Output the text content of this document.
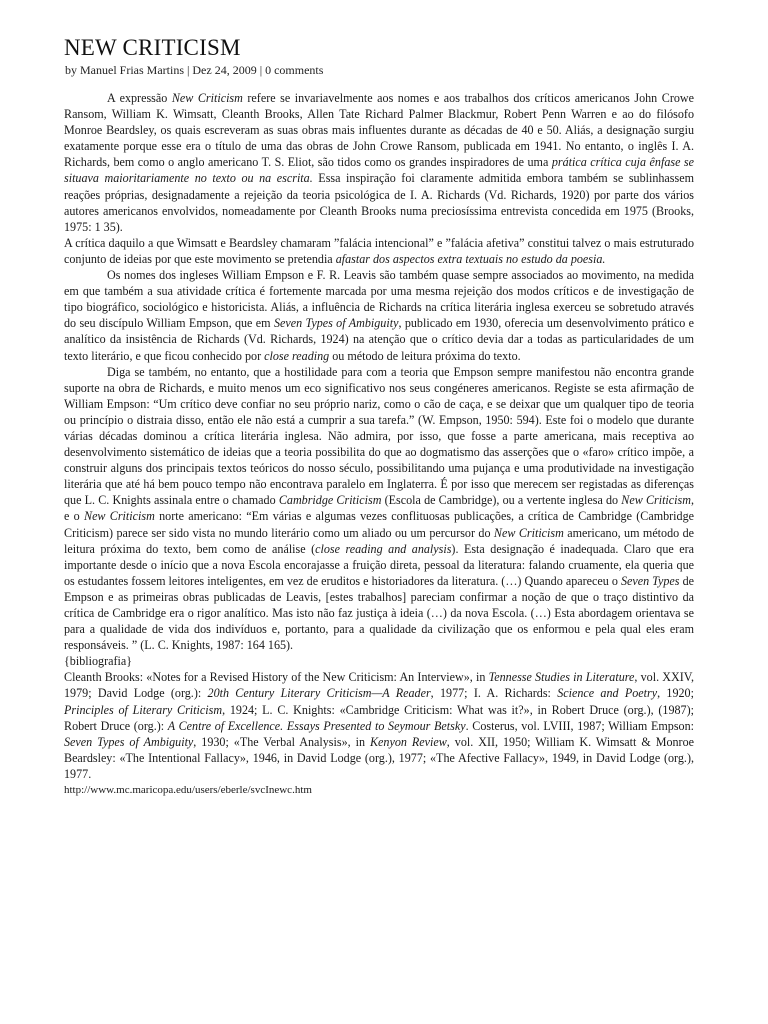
NEW CRITICISM
by Manuel Frias Martins | Dez 24, 2009 | 0 comments

A expressão New Criticism refere se invariavelmente aos nomes e aos trabalhos dos críticos americanos John Crowe Ransom, William K. Wimsatt, Cleanth Brooks, Allen Tate Richard Palmer Blackmur, Robert Penn Warren e ao do filósofo Monroe Beardsley, os quais escreveram as suas obras mais influentes durante as décadas de 40 e 50. Aliás, a designação surgiu exatamente porque esse era o título de uma das obras de John Crowe Ransom, publicada em 1941. No entanto, o inglês I. A. Richards, bem como o anglo americano T. S. Eliot, são tidos como os grandes inspiradores de uma prática crítica cuja ênfase se situava maioritariamente no texto ou na escrita. Essa inspiração foi claramente admitida embora também se sublinhassem reações próprias, designadamente a rejeição da teoria psicológica de I. A. Richards (Vd. Richards, 1920) por parte dos vários autores americanos envolvidos, nomeadamente por Cleanth Brooks numa preciosíssima entrevista concedida em 1975 (Brooks, 1975: 1 35).

A crítica daquilo a que Wimsatt e Beardsley chamaram ”falácia intencional” e ”falácia afetiva” constitui talvez o mais estruturado conjunto de ideias por que este movimento se pretendia afastar dos aspectos extra textuais no estudo da poesia.

Os nomes dos ingleses William Empson e F. R. Leavis são também quase sempre associados ao movimento, na medida em que também a sua atividade crítica é fortemente marcada por uma mesma rejeição dos modos críticos e de investigação de tipo biográfico, sociológico e historicista. Aliás, a influência de Richards na crítica literária inglesa exerceu se sobretudo através do seu discípulo William Empson, que em Seven Types of Ambiguity, publicado em 1930, oferecia um desenvolvimento prático e analítico da insistência de Richards (Vd. Richards, 1924) na atenção que o crítico devia dar a todas as particularidades de um texto literário, e que ficou conhecido por close reading ou método de leitura próxima do texto.

Diga se também, no entanto, que a hostilidade para com a teoria que Empson sempre manifestou não encontra grande suporte na obra de Richards, e muito menos um eco significativo nos seus congéneres americanos. Registe se esta afirmação de William Empson: “Um crítico deve confiar no seu próprio nariz, como o cão de caça, e se deixar que um qualquer tipo de teoria ou princípio o distraia disso, então ele não está a cumprir a sua tarefa.” (W. Empson, 1950: 594). Este foi o modelo que durante várias décadas dominou a crítica literária inglesa. Não admira, por isso, que fosse a parte americana, mais receptiva ao desenvolvimento sistemático de ideias que a teoria possibilita do que ao dogmatismo das asserções que o «faro» crítico impõe, a construir alguns dos principais textos teóricos do nosso século, possibilitando uma pujança e uma produtividade na investigação literária que até há bem pouco tempo não encontrava paralelo em Inglaterra. É por isso que merecem ser registadas as diferenças que L. C. Knights assinala entre o chamado Cambridge Criticism (Escola de Cambridge), ou a vertente inglesa do New Criticism, e o New Criticism norte americano: “Em várias e algumas vezes conflituosas publicações, a crítica de Cambridge (Cambridge Criticism) parece ser sido vista no mundo literário como um aliado ou um percursor do New Criticism americano, um método de leitura próxima do texto, bem como de análise (close reading and analysis). Esta designação é inadequada. Claro que era importante desde o início que a nova Escola encorajasse a fruição direta, pessoal da literatura: falando cruamente, ela queria que os estudantes fossem leitores inteligentes, em vez de eruditos e historiadores da literatura. (…) Quando apareceu o Seven Types de Empson e as primeiras obras publicadas de Leavis, [estes trabalhos] pareciam confirmar a noção de que o traço distintivo da crítica de Cambridge era o rigor analítico. Mas isto não faz justiça à ideia (…) da nova Escola. (…) Esta abordagem orientava se para a qualidade de vida dos indivíduos e, portanto, para a qualidade da civilização que os enformou e pela qual eles eram responsáveis. ” (L. C. Knights, 1987: 164 165).

{bibliografia}

Cleanth Brooks: «Notes for a Revised History of the New Criticism: An Interview», in Tennesse Studies in Literature, vol. XXIV, 1979; David Lodge (org.): 20th Century Literary Criticism—A Reader, 1977; I. A. Richards: Science and Poetry, 1920; Principles of Literary Criticism, 1924; L. C. Knights: «Cambridge Criticism: What was it?», in Robert Druce (org.), (1987); Robert Druce (org.): A Centre of Excellence. Essays Presented to Seymour Betsky. Costerus, vol. LVIII, 1987; William Empson: Seven Types of Ambiguity, 1930; «The Verbal Analysis», in Kenyon Review, vol. XII, 1950; William K. Wimsatt & Monroe Beardsley: «The Intentional Fallacy», 1946, in David Lodge (org.), 1977; «The Afective Fallacy», 1949, in David Lodge (org.), 1977.

http://www.mc.maricopa.edu/users/eberle/svcInewc.htm
